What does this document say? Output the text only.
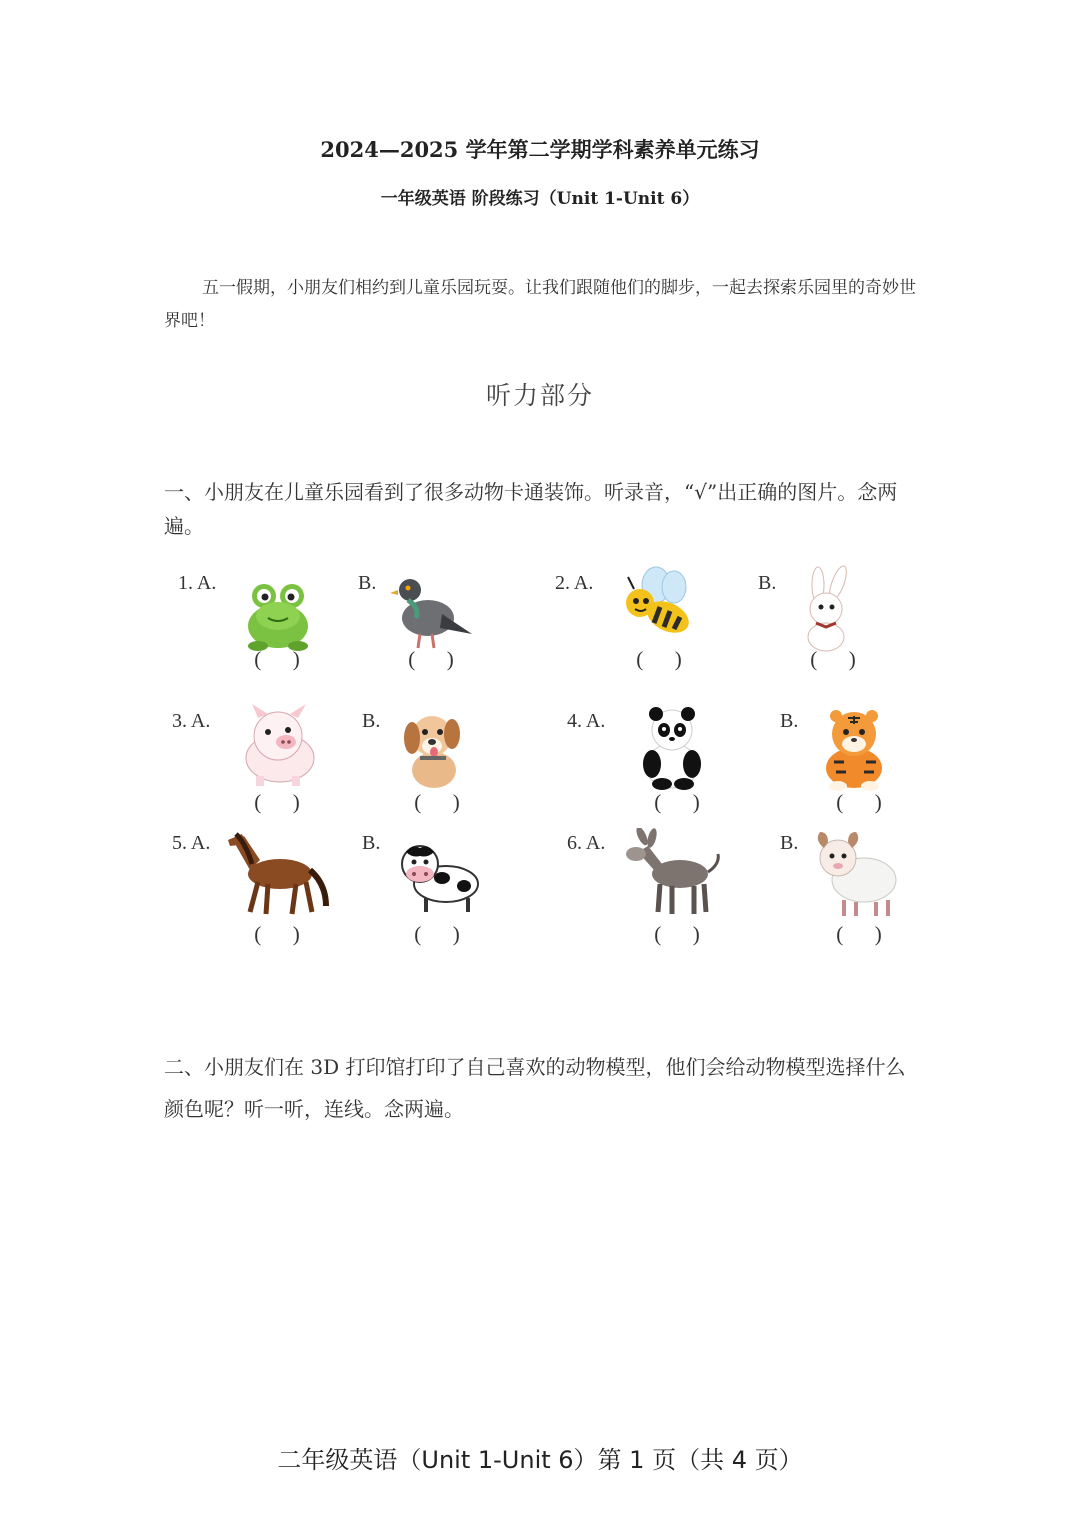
2024—2025 学年第二学期学科素养单元练习
一年级英语 阶段练习（Unit 1-Unit 6）
五一假期，小朋友们相约到儿童乐园玩耍。让我们跟随他们的脚步，一起去探索乐园里的奇妙世界吧！
听力部分
一、小朋友在儿童乐园看到了很多动物卡通装饰。听录音，“√”出正确的图片。念两遍。
1. A.	B.	2. A.	B.
(      )	(      )	(      )	(      )
3. A.	B.	4. A.	B.
(      )	(      )	(      )	(      )
5. A.	B.	6. A.	B.
(      )	(      )	(      )	(      )
二、小朋友们在 3D 打印馆打印了自己喜欢的动物模型，他们会给动物模型选择什么颜色呢？听一听，连线。念两遍。
二年级英语（Unit 1-Unit 6）第 1 页（共 4 页）
